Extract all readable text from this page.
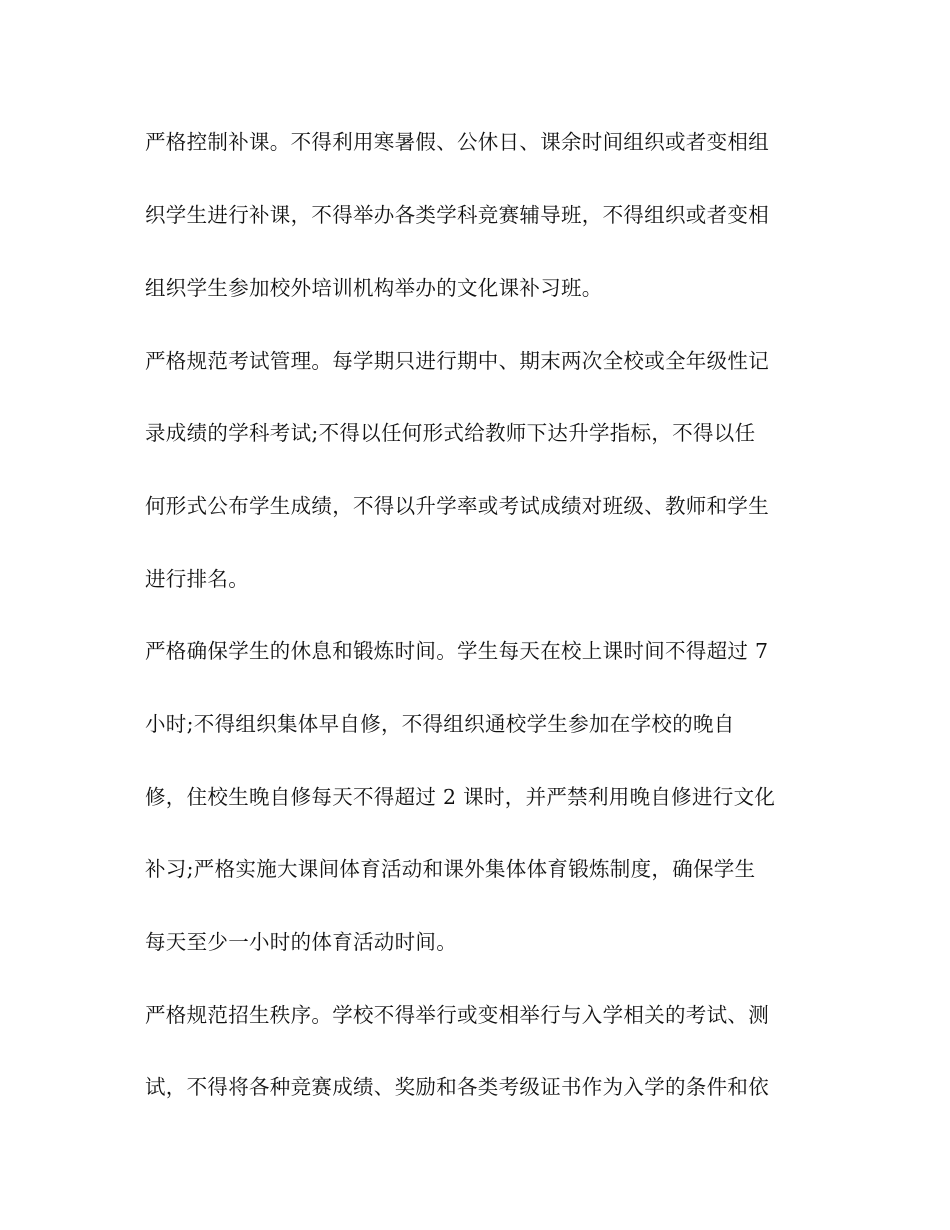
严格控制补课。不得利用寒暑假、公休日、课余时间组织或者变相组
织学生进行补课，不得举办各类学科竞赛辅导班，不得组织或者变相
组织学生参加校外培训机构举办的文化课补习班。
严格规范考试管理。每学期只进行期中、期末两次全校或全年级性记
录成绩的学科考试;不得以任何形式给教师下达升学指标，不得以任
何形式公布学生成绩，不得以升学率或考试成绩对班级、教师和学生
进行排名。
严格确保学生的休息和锻炼时间。学生每天在校上课时间不得超过 7
小时;不得组织集体早自修，不得组织通校学生参加在学校的晚自
修，住校生晚自修每天不得超过 2 课时，并严禁利用晚自修进行文化
补习;严格实施大课间体育活动和课外集体体育锻炼制度，确保学生
每天至少一小时的体育活动时间。
严格规范招生秩序。学校不得举行或变相举行与入学相关的考试、测
试，不得将各种竞赛成绩、奖励和各类考级证书作为入学的条件和依
